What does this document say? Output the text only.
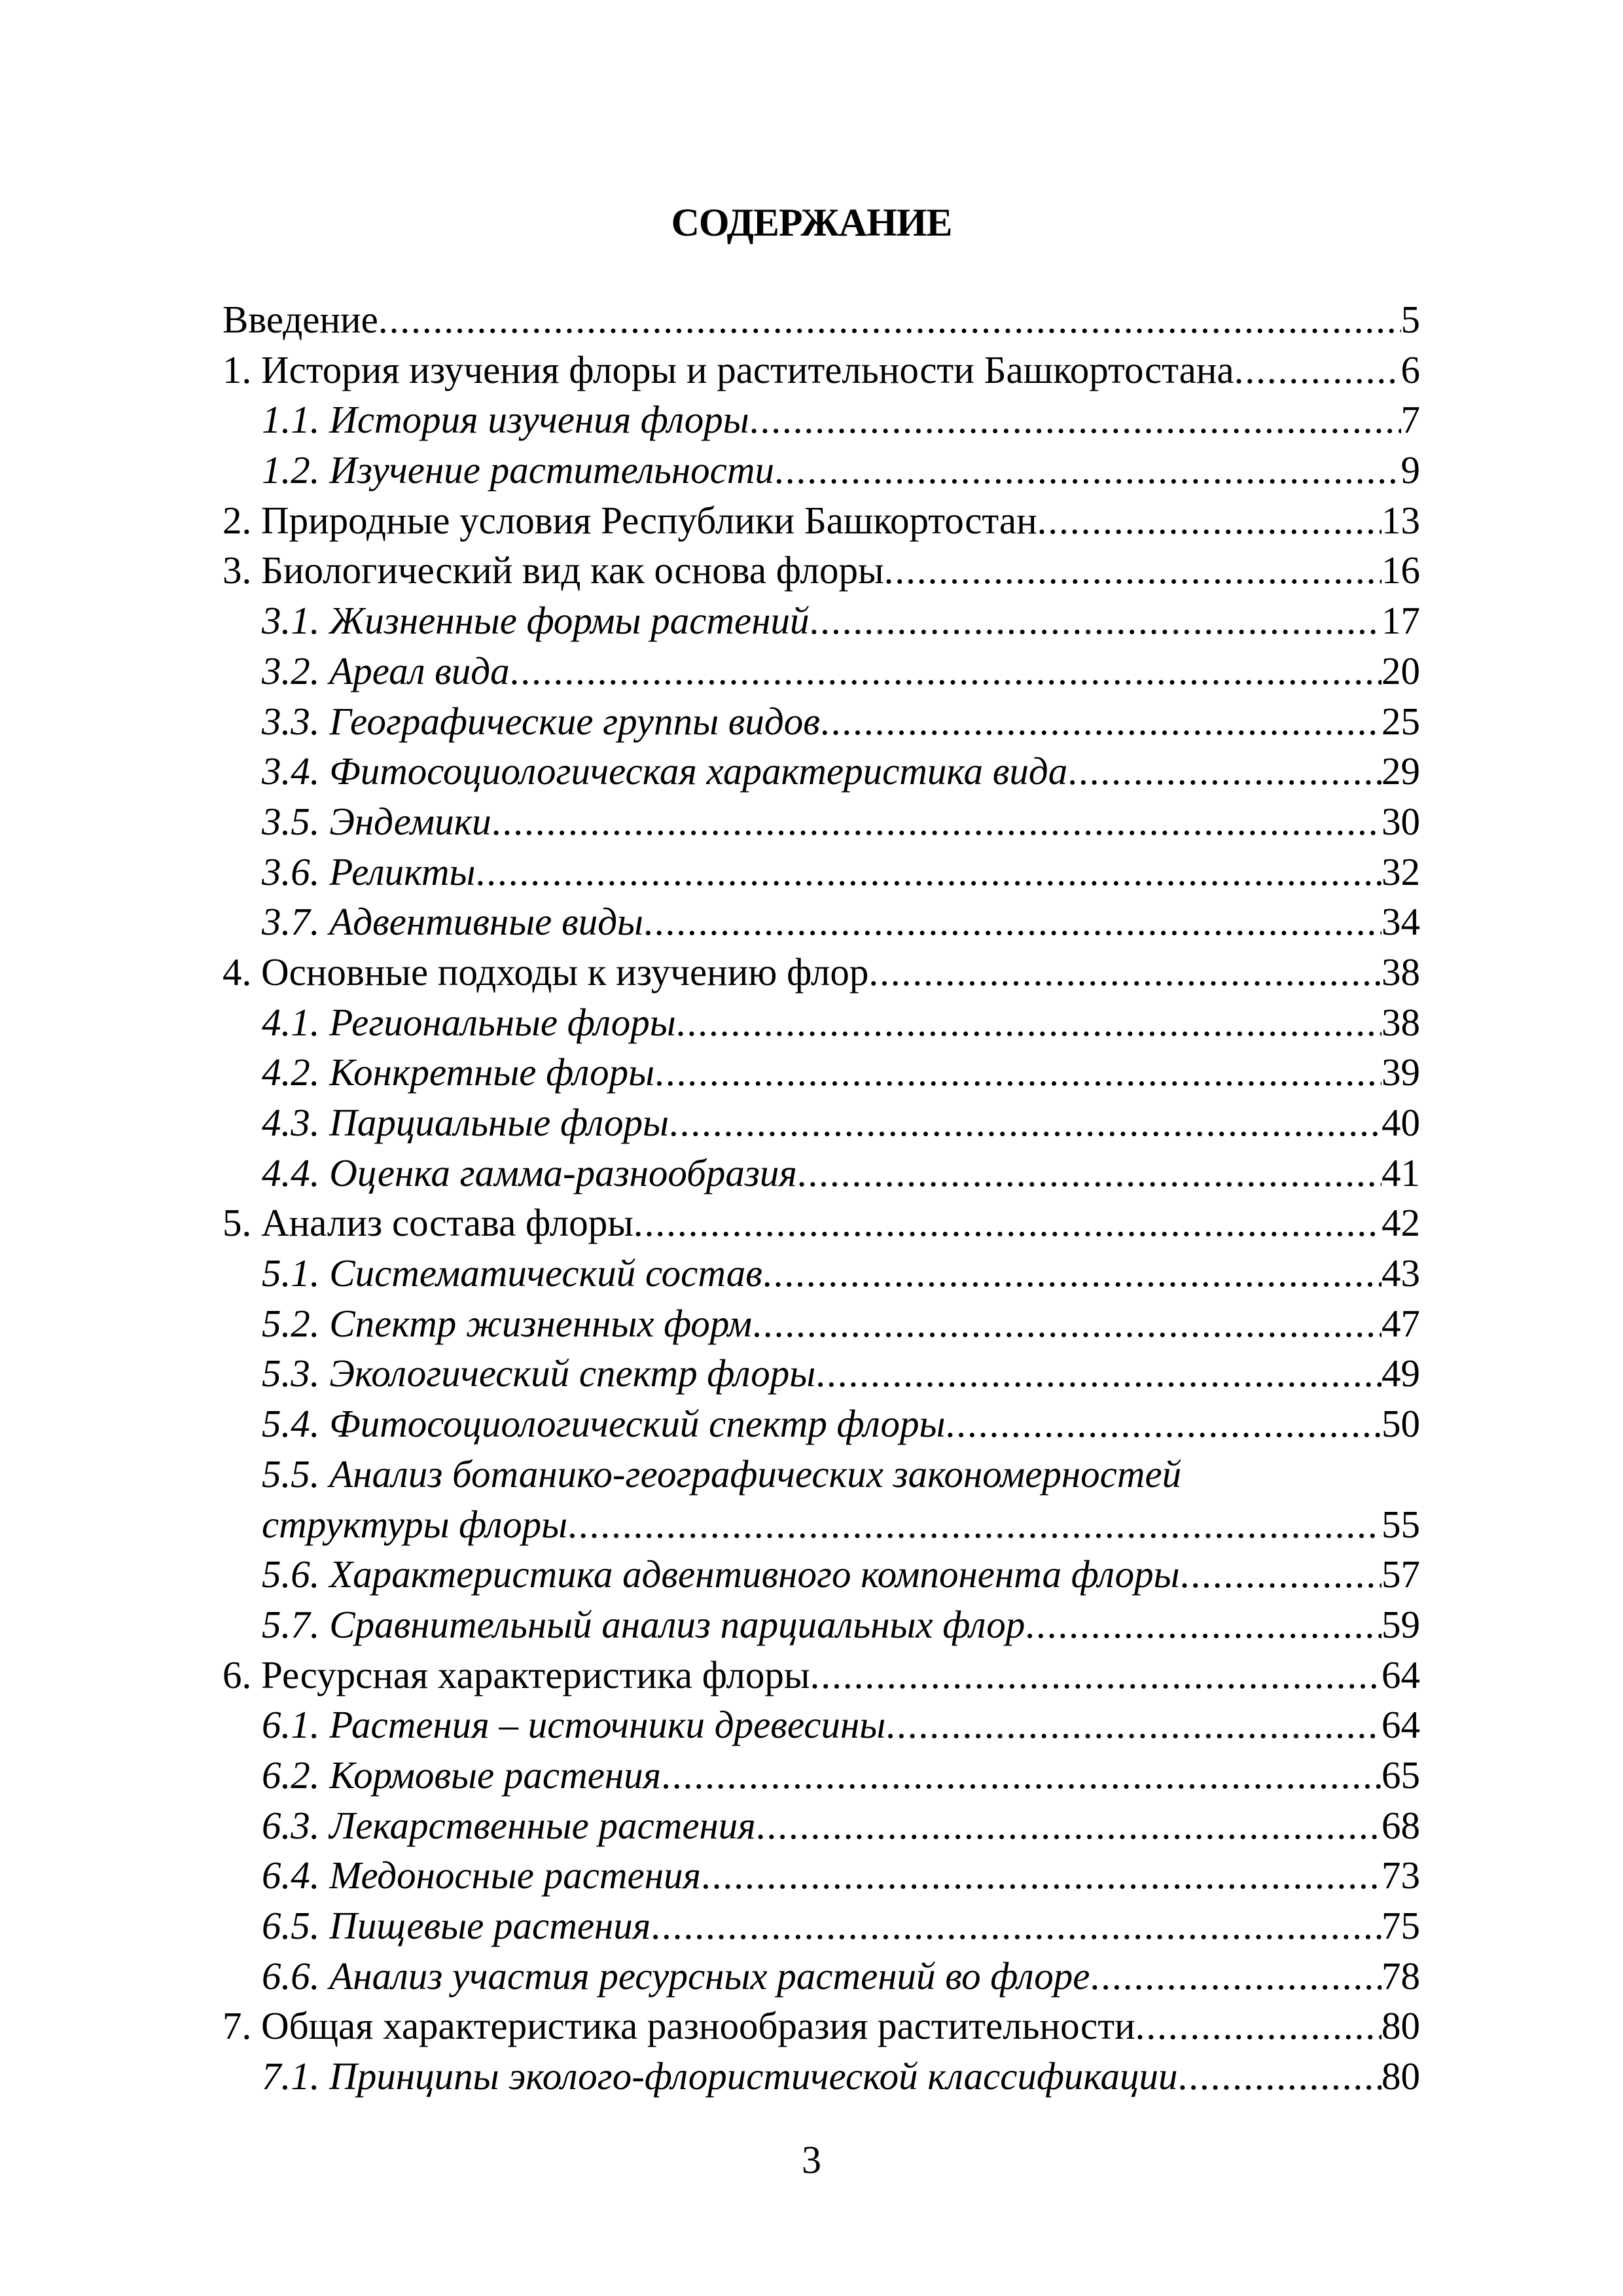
СОДЕРЖАНИЕ
Введение .....	5
1. История изучения флоры и растительности Башкортостана .....	6
1.1. История изучения флоры .....	7
1.2. Изучение растительности .....	9
2. Природные условия Республики Башкортостан .....	13
3. Биологический вид как основа флоры .....	16
3.1. Жизненные формы растений .....	17
3.2. Ареал вида .....	20
3.3. Географические группы видов .....	25
3.4. Фитосоциологическая характеристика вида .....	29
3.5. Эндемики .....	30
3.6. Реликты .....	32
3.7. Адвентивные виды .....	34
4. Основные подходы к изучению флор .....	38
4.1. Региональные флоры .....	38
4.2. Конкретные флоры .....	39
4.3. Парциальные флоры .....	40
4.4. Оценка гамма-разнообразия .....	41
5. Анализ состава флоры .....	42
5.1. Систематический состав .....	43
5.2. Спектр жизненных форм .....	47
5.3. Экологический спектр флоры .....	49
5.4. Фитосоциологический спектр флоры .....	50
5.5. Анализ ботанико-географических закономерностей
структуры флоры .....	55
5.6. Характеристика адвентивного компонента флоры .....	57
5.7. Сравнительный анализ парциальных флор .....	59
6. Ресурсная характеристика флоры .....	64
6.1. Растения – источники древесины .....	64
6.2. Кормовые растения .....	65
6.3. Лекарственные растения .....	68
6.4. Медоносные растения .....	73
6.5. Пищевые растения .....	75
6.6. Анализ участия ресурсных растений во флоре .....	78
7. Общая характеристика разнообразия растительности .....	80
7.1. Принципы эколого-флористической классификации .....	80
3
